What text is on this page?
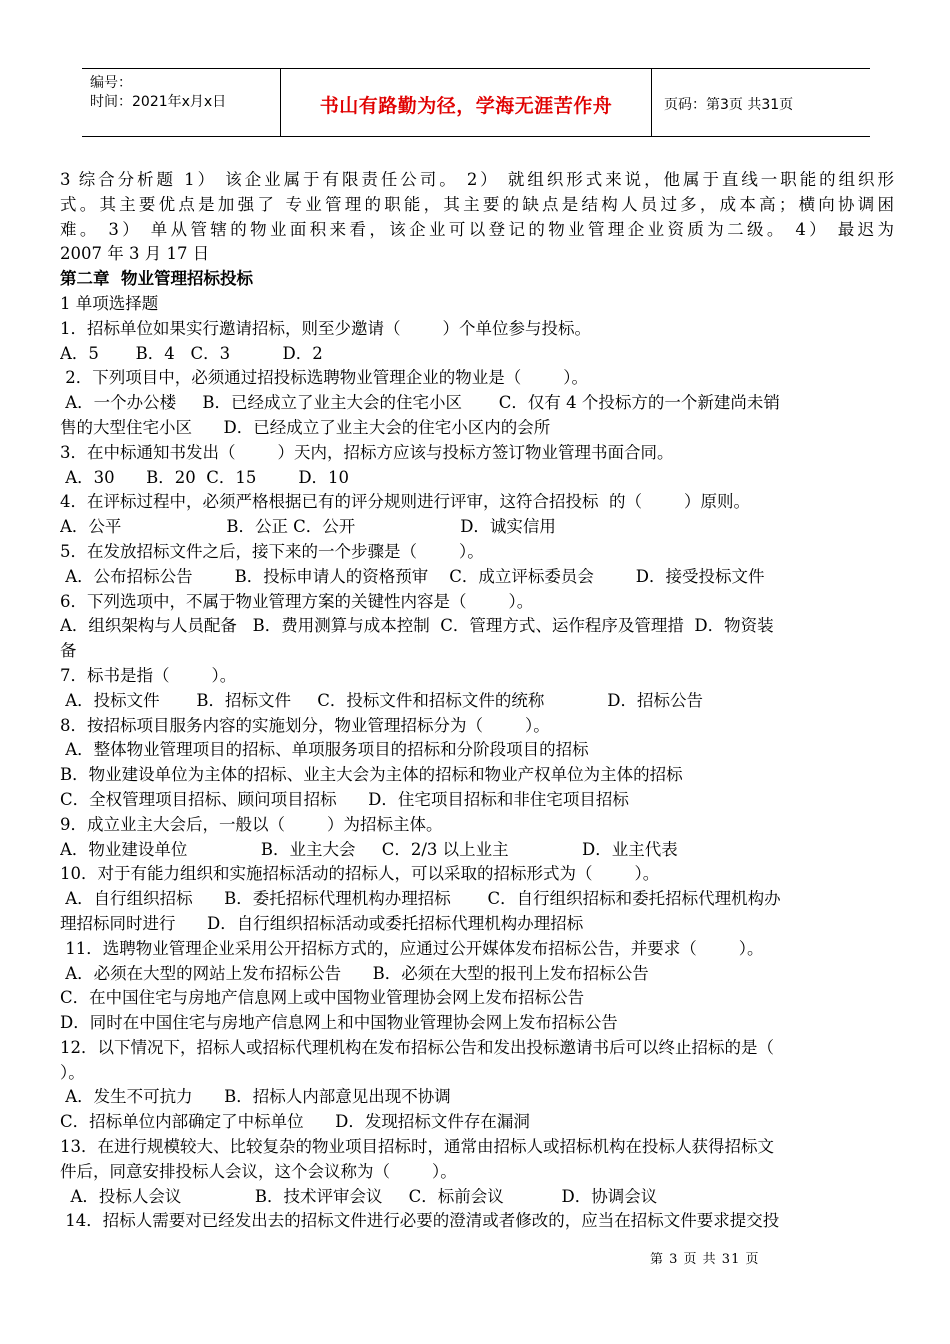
编号：
时间：2021年x月x日	书山有路勤为径，学海无涯苦作舟	页码：第3页 共31页
3 综合分析题 1） 该企业属于有限责任公司。 2） 就组织形式来说，他属于直线一职能的组织形
式。其主要优点是加强了 专业管理的职能，其主要的缺点是结构人员过多，成本高；横向协调困
难。 3） 单从管辖的物业面积来看，该企业可以登记的物业管理企业资质为二级。 4） 最迟为
2007 年 3 月 17 日
第二章  物业管理招标投标
1 单项选择题
1．招标单位如果实行邀请招标，则至少邀请（        ）个单位参与投标。
A．5       B．4   C．3          D．2
2．下列项目中，必须通过招投标选聘物业管理企业的物业是（        ）。
A．一个办公楼     B．已经成立了业主大会的住宅小区       C．仅有 4 个投标方的一个新建尚未销
售的大型住宅小区      D．已经成立了业主大会的住宅小区内的会所
3．在中标通知书发出（        ）天内，招标方应该与投标方签订物业管理书面合同。
A．30      B．20  C．15        D．10
4．在评标过程中，必须严格根据已有的评分规则进行评审，这符合招投标  的（        ）原则。
A．公平                    B．公正 C．公开                    D．诚实信用
5．在发放招标文件之后，接下来的一个步骤是（        ）。
A．公布招标公告        B．投标申请人的资格预审    C．成立评标委员会        D．接受投标文件
6．下列选项中，不属于物业管理方案的关键性内容是（        ）。
A．组织架构与人员配备   B．费用测算与成本控制  C．管理方式、运作程序及管理措  D．物资装
备
7．标书是指（        ）。
A．投标文件       B．招标文件     C．投标文件和招标文件的统称            D．招标公告
8．按招标项目服务内容的实施划分，物业管理招标分为（        ）。
A．整体物业管理项目的招标、单项服务项目的招标和分阶段项目的招标
B．物业建设单位为主体的招标、业主大会为主体的招标和物业产权单位为主体的招标
C．全权管理项目招标、顾问项目招标      D．住宅项目招标和非住宅项目招标
9．成立业主大会后，一般以（        ）为招标主体。
A．物业建设单位              B．业主大会     C．2/3 以上业主              D．业主代表
10．对于有能力组织和实施招标活动的招标人，可以采取的招标形式为（        ）。
A．自行组织招标      B．委托招标代理机构办理招标       C．自行组织招标和委托招标代理机构办
理招标同时进行      D．自行组织招标活动或委托招标代理机构办理招标
11．选聘物业管理企业采用公开招标方式的，应通过公开媒体发布招标公告，并要求（        ）。
A．必须在大型的网站上发布招标公告      B．必须在大型的报刊上发布招标公告
C．在中国住宅与房地产信息网上或中国物业管理协会网上发布招标公告
D．同时在中国住宅与房地产信息网上和中国物业管理协会网上发布招标公告
12．以下情况下，招标人或招标代理机构在发布招标公告和发出投标邀请书后可以终止招标的是（
）。
A．发生不可抗力      B．招标人内部意见出现不协调
C．招标单位内部确定了中标单位      D．发现招标文件存在漏洞
13．在进行规模较大、比较复杂的物业项目招标时，通常由招标人或招标机构在投标人获得招标文
件后，同意安排投标人会议，这个会议称为（        ）。
A．投标人会议              B．技术评审会议     C．标前会议           D．协调会议
14．招标人需要对已经发出去的招标文件进行必要的澄清或者修改的，应当在招标文件要求提交投
第 3 页 共 31 页
